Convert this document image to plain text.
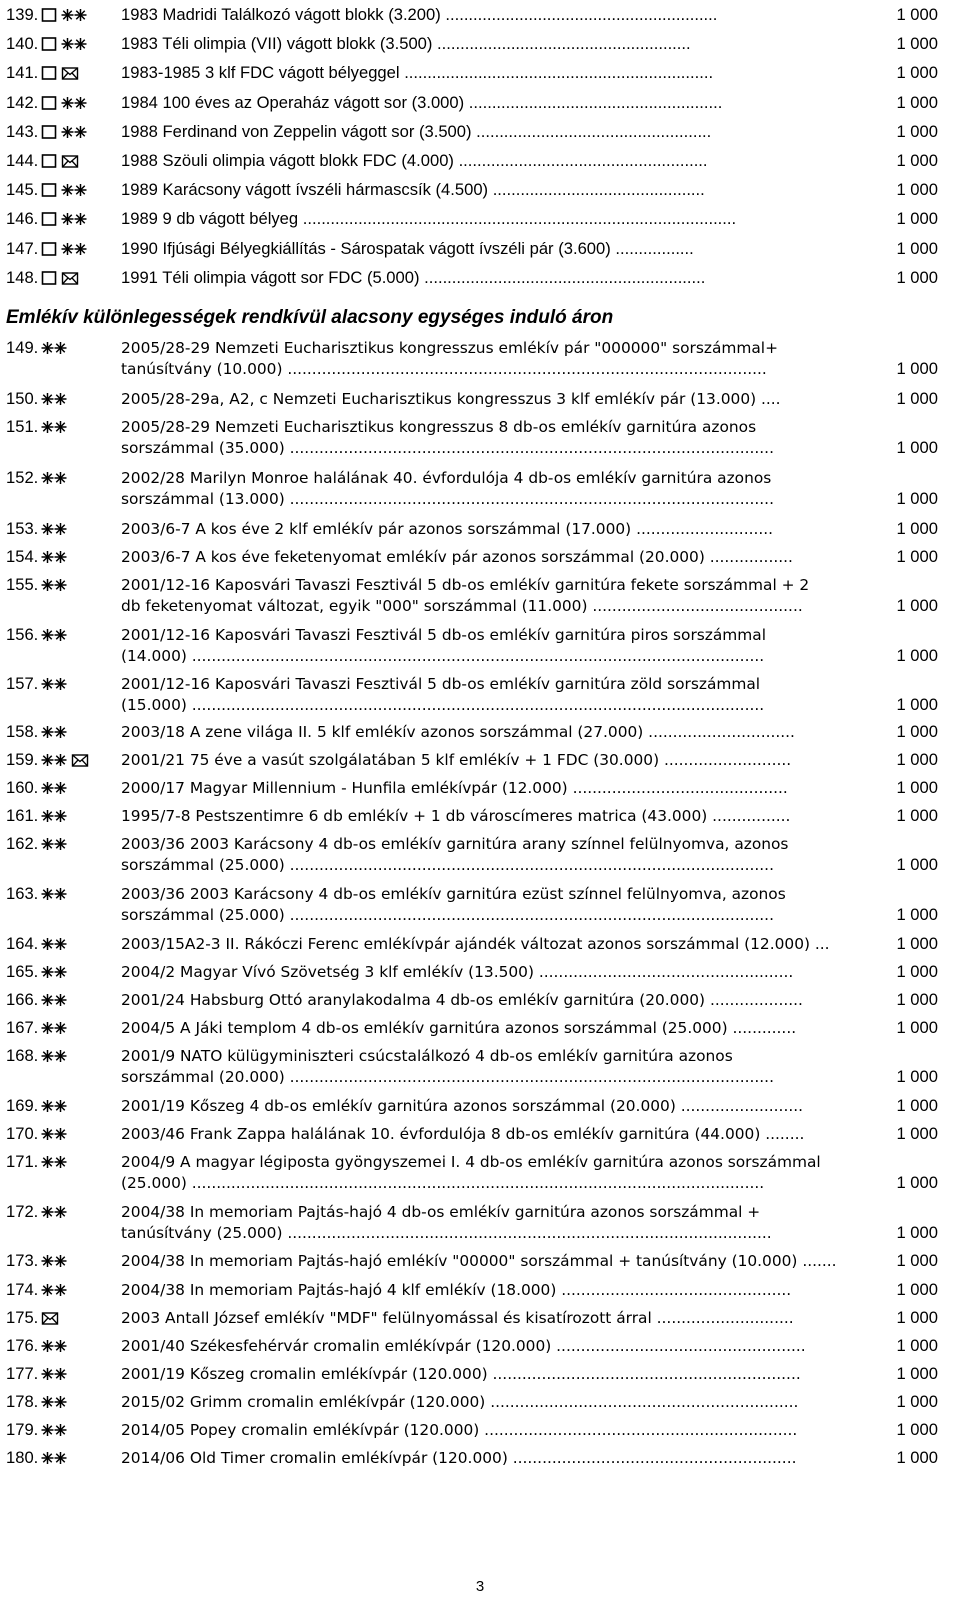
139.	1983 Madridi Találkozó vágott blokk (3.200) ...........................................................	1 000
140.	1983 Téli olimpia (VII) vágott blokk (3.500) .......................................................	1 000
141.	1983-1985 3 klf FDC vágott bélyeggel ...................................................................	1 000
142.	1984 100 éves az Operaház vágott sor (3.000) .......................................................	1 000
143.	1988 Ferdinand von Zeppelin vágott sor (3.500) ...................................................	1 000
144.	1988 Szöuli olimpia vágott blokk FDC (4.000) ......................................................	1 000
145.	1989 Karácsony vágott ívszéli hármascsík (4.500) ..............................................	1 000
146.	1989 9 db vágott bélyeg ..............................................................................................	1 000
147.	1990 Ifjúsági Bélyegkiállítás - Sárospatak vágott ívszéli pár (3.600) .................	1 000
148.	1991 Téli olimpia vágott sor FDC (5.000) .............................................................	1 000
Emlékív különlegességek rendkívül alacsony egységes induló áron
149.	2005/28-29 Nemzeti Eucharisztikus kongresszus emlékív pár "000000" sorszámmal+
tanúsítvány (10.000) ..................................................................................................	1 000
150.	2005/28-29a, A2, c Nemzeti Eucharisztikus kongresszus 3 klf emlékív pár (13.000) ....	1 000
151.	2005/28-29 Nemzeti Eucharisztikus kongresszus 8 db-os emlékív garnitúra azonos
sorszámmal (35.000) ...................................................................................................	1 000
152.	2002/28 Marilyn Monroe halálának 40. évfordulója 4 db-os emlékív garnitúra azonos
sorszámmal (13.000) ...................................................................................................	1 000
153.	2003/6-7 A kos éve 2 klf emlékív pár azonos sorszámmal (17.000) ............................	1 000
154.	2003/6-7 A kos éve feketenyomat emlékív pár azonos sorszámmal (20.000) .................	1 000
155.	2001/12-16 Kaposvári Tavaszi Fesztivál 5 db-os emlékív garnitúra fekete sorszámmal + 2
db feketenyomat változat, egyik "000" sorszámmal (11.000) ...........................................	1 000
156.	2001/12-16 Kaposvári Tavaszi Fesztivál 5 db-os emlékív garnitúra piros sorszámmal
(14.000) .....................................................................................................................	1 000
157.	2001/12-16 Kaposvári Tavaszi Fesztivál 5 db-os emlékív garnitúra zöld sorszámmal
(15.000) .....................................................................................................................	1 000
158.	2003/18 A zene világa II. 5 klf emlékív azonos sorszámmal (27.000) ..............................	1 000
159.	2001/21 75 éve a vasút szolgálatában 5 klf emlékív + 1 FDC (30.000) ..........................	1 000
160.	2000/17 Magyar Millennium - Hunfila emlékívpár (12.000) ............................................	1 000
161.	1995/7-8 Pestszentimre 6 db emlékív + 1 db városcímeres matrica (43.000) ................	1 000
162.	2003/36 2003 Karácsony 4 db-os emlékív garnitúra arany színnel felülnyomva, azonos
sorszámmal (25.000) ...................................................................................................	1 000
163.	2003/36 2003 Karácsony 4 db-os emlékív garnitúra ezüst színnel felülnyomva, azonos
sorszámmal (25.000) ...................................................................................................	1 000
164.	2003/15A2-3 II. Rákóczi Ferenc emlékívpár ajándék változat azonos sorszámmal (12.000) ...	1 000
165.	2004/2 Magyar Vívó Szövetség 3 klf emlékív (13.500) ....................................................	1 000
166.	2001/24 Habsburg Ottó aranylakodalma 4 db-os emlékív garnitúra (20.000) ...................	1 000
167.	2004/5 A Jáki templom 4 db-os emlékív garnitúra azonos sorszámmal (25.000) .............	1 000
168.	2001/9 NATO külügyminiszteri csúcstalálkozó 4 db-os emlékív garnitúra azonos
sorszámmal (20.000) ...................................................................................................	1 000
169.	2001/19 Kőszeg 4 db-os emlékív garnitúra azonos sorszámmal (20.000) .........................	1 000
170.	2003/46 Frank Zappa halálának 10. évfordulója 8 db-os emlékív garnitúra (44.000) ........	1 000
171.	2004/9 A magyar légiposta gyöngyszemei I. 4 db-os emlékív garnitúra azonos sorszámmal
(25.000) .....................................................................................................................	1 000
172.	2004/38 In memoriam Pajtás-hajó 4 db-os emlékív garnitúra azonos sorszámmal +
tanúsítvány (25.000) ...................................................................................................	1 000
173.	2004/38 In memoriam Pajtás-hajó emlékív "00000" sorszámmal + tanúsítvány (10.000) .......	1 000
174.	2004/38 In memoriam Pajtás-hajó 4 klf emlékív (18.000) ...............................................	1 000
175.	2003 Antall József emlékív "MDF" felülnyomással és kisatírozott árral ............................	1 000
176.	2001/40 Székesfehérvár cromalin emlékívpár (120.000) ...................................................	1 000
177.	2001/19 Kőszeg cromalin emlékívpár (120.000) ...............................................................	1 000
178.	2015/02 Grimm cromalin emlékívpár (120.000) ...............................................................	1 000
179.	2014/05 Popey cromalin emlékívpár (120.000) ................................................................	1 000
180.	2014/06 Old Timer cromalin emlékívpár (120.000) ..........................................................	1 000
3
